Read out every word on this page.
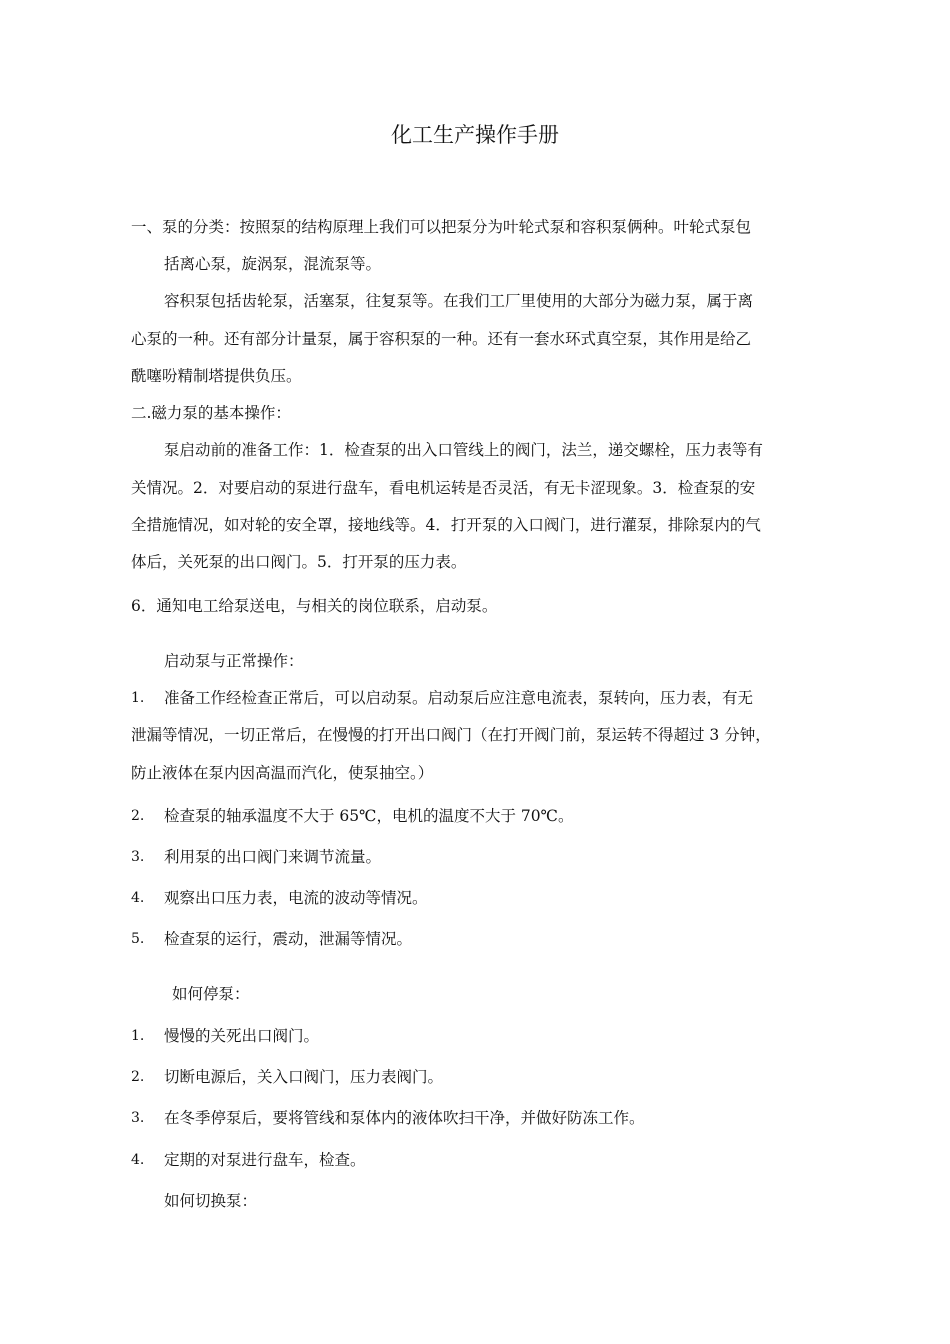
化工生产操作手册
一、泵的分类：按照泵的结构原理上我们可以把泵分为叶轮式泵和容积泵俩种。叶轮式泵包
括离心泵，旋涡泵，混流泵等。
容积泵包括齿轮泵，活塞泵，往复泵等。在我们工厂里使用的大部分为磁力泵，属于离
心泵的一种。还有部分计量泵，属于容积泵的一种。还有一套水环式真空泵，其作用是给乙
酰噻吩精制塔提供负压。
二.磁力泵的基本操作：
泵启动前的准备工作：1．检查泵的出入口管线上的阀门，法兰，递交螺栓，压力表等有
关情况。2．对要启动的泵进行盘车，看电机运转是否灵活，有无卡涩现象。3．检查泵的安
全措施情况，如对轮的安全罩，接地线等。4．打开泵的入口阀门，进行灌泵，排除泵内的气
体后，关死泵的出口阀门。5．打开泵的压力表。
6．通知电工给泵送电，与相关的岗位联系，启动泵。
启动泵与正常操作：
1. 准备工作经检查正常后，可以启动泵。启动泵后应注意电流表，泵转向，压力表，有无
泄漏等情况，一切正常后，在慢慢的打开出口阀门（在打开阀门前，泵运转不得超过 3 分钟，
防止液体在泵内因高温而汽化，使泵抽空。）
2. 检查泵的轴承温度不大于 65℃，电机的温度不大于 70℃。
3. 利用泵的出口阀门来调节流量。
4. 观察出口压力表，电流的波动等情况。
5. 检查泵的运行，震动，泄漏等情况。
如何停泵：
1. 慢慢的关死出口阀门。
2. 切断电源后，关入口阀门，压力表阀门。
3. 在冬季停泵后，要将管线和泵体内的液体吹扫干净，并做好防冻工作。
4. 定期的对泵进行盘车，检查。
如何切换泵：
